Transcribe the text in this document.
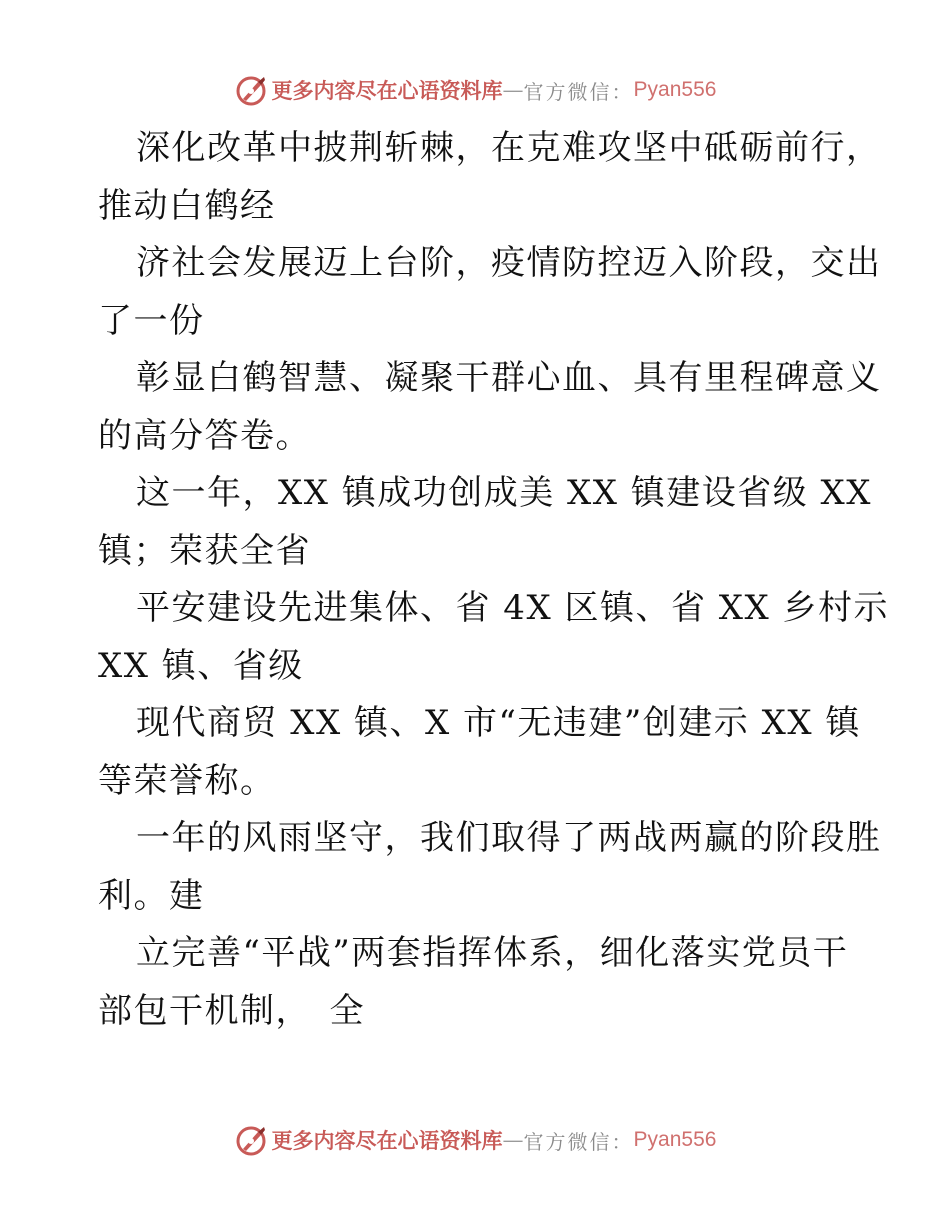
更多内容尽在心语资料库 — 官方微信： Pyan556
深化改革中披荆斩棘，在克难攻坚中砥砺前行，
推动白鹤经
济社会发展迈上台阶，疫情防控迈入阶段，交出
了一份
彰显白鹤智慧、凝聚干群心血、具有里程碑意义
的高分答卷。
这一年，XX 镇成功创成美 XX 镇建设省级 XX
镇；荣获全省
平安建设先进集体、省 4X 区镇、省 XX 乡村示
XX 镇、省级
现代商贸 XX 镇、X 市“无违建”创建示 XX 镇
等荣誉称。
一年的风雨坚守，我们取得了两战两赢的阶段胜
利。建
立完善“平战”两套指挥体系，细化落实党员干
部包干机制，　全
更多内容尽在心语资料库 — 官方微信： Pyan556
